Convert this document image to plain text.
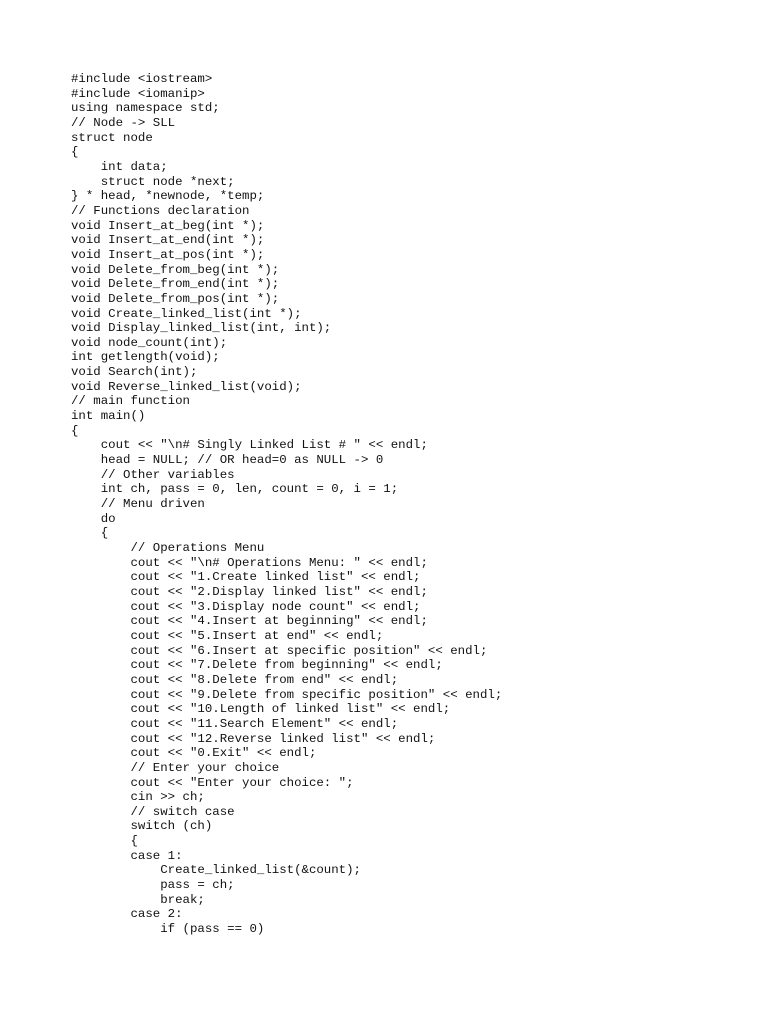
#include <iostream>
#include <iomanip>
using namespace std;
// Node -> SLL
struct node
{
int data;
struct node *next;
} * head, *newnode, *temp;
// Functions declaration
void Insert_at_beg(int *);
void Insert_at_end(int *);
void Insert_at_pos(int *);
void Delete_from_beg(int *);
void Delete_from_end(int *);
void Delete_from_pos(int *);
void Create_linked_list(int *);
void Display_linked_list(int, int);
void node_count(int);
int getlength(void);
void Search(int);
void Reverse_linked_list(void);
// main function
int main()
{
cout << "\n# Singly Linked List # " << endl;
head = NULL; // OR head=0 as NULL -> 0
// Other variables
int ch, pass = 0, len, count = 0, i = 1;
// Menu driven
do
{
// Operations Menu
cout << "\n# Operations Menu: " << endl;
cout << "1.Create linked list" << endl;
cout << "2.Display linked list" << endl;
cout << "3.Display node count" << endl;
cout << "4.Insert at beginning" << endl;
cout << "5.Insert at end" << endl;
cout << "6.Insert at specific position" << endl;
cout << "7.Delete from beginning" << endl;
cout << "8.Delete from end" << endl;
cout << "9.Delete from specific position" << endl;
cout << "10.Length of linked list" << endl;
cout << "11.Search Element" << endl;
cout << "12.Reverse linked list" << endl;
cout << "0.Exit" << endl;
// Enter your choice
cout << "Enter your choice: ";
cin >> ch;
// switch case
switch (ch)
{
case 1:
Create_linked_list(&count);
pass = ch;
break;
case 2:
if (pass == 0)
